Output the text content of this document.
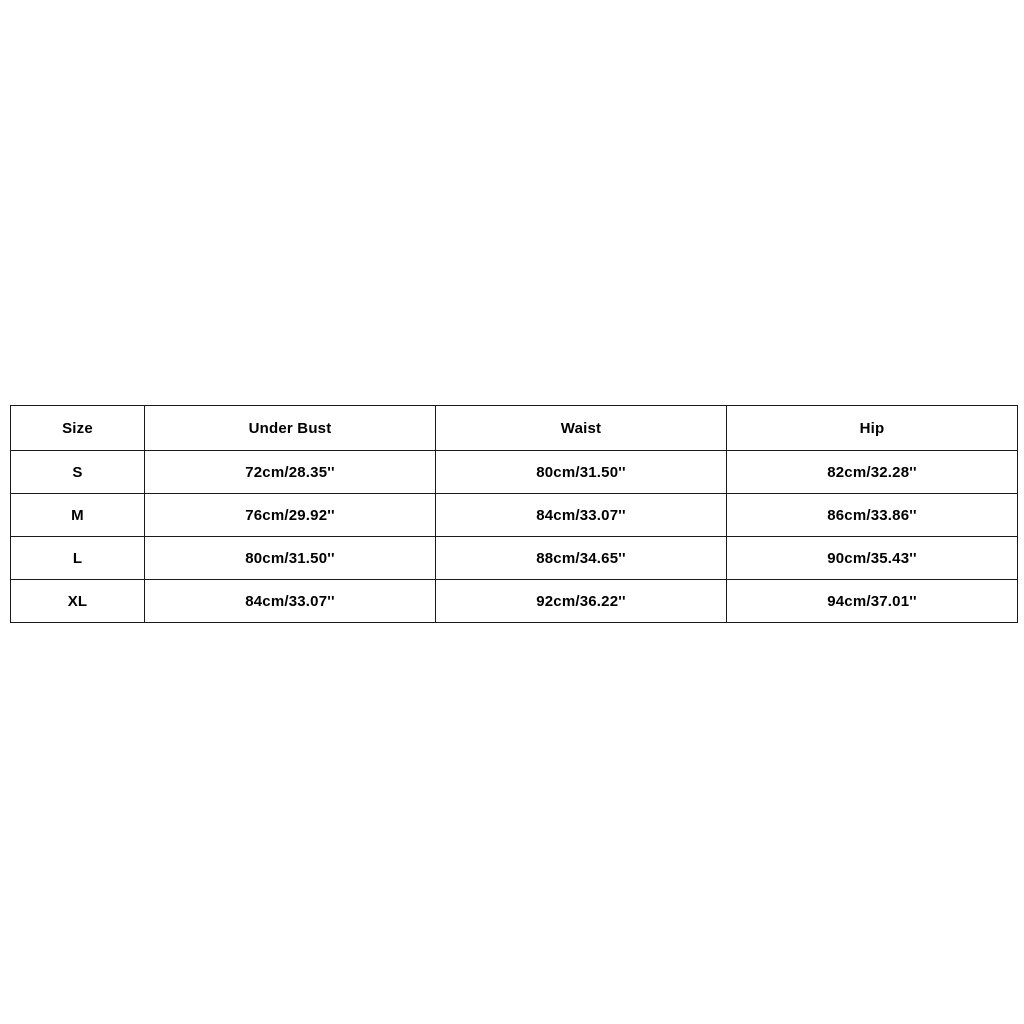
Size	Under Bust	Waist	Hip
S	72cm/28.35''	80cm/31.50''	82cm/32.28''
M	76cm/29.92''	84cm/33.07''	86cm/33.86''
L	80cm/31.50''	88cm/34.65''	90cm/35.43''
XL	84cm/33.07''	92cm/36.22''	94cm/37.01''
